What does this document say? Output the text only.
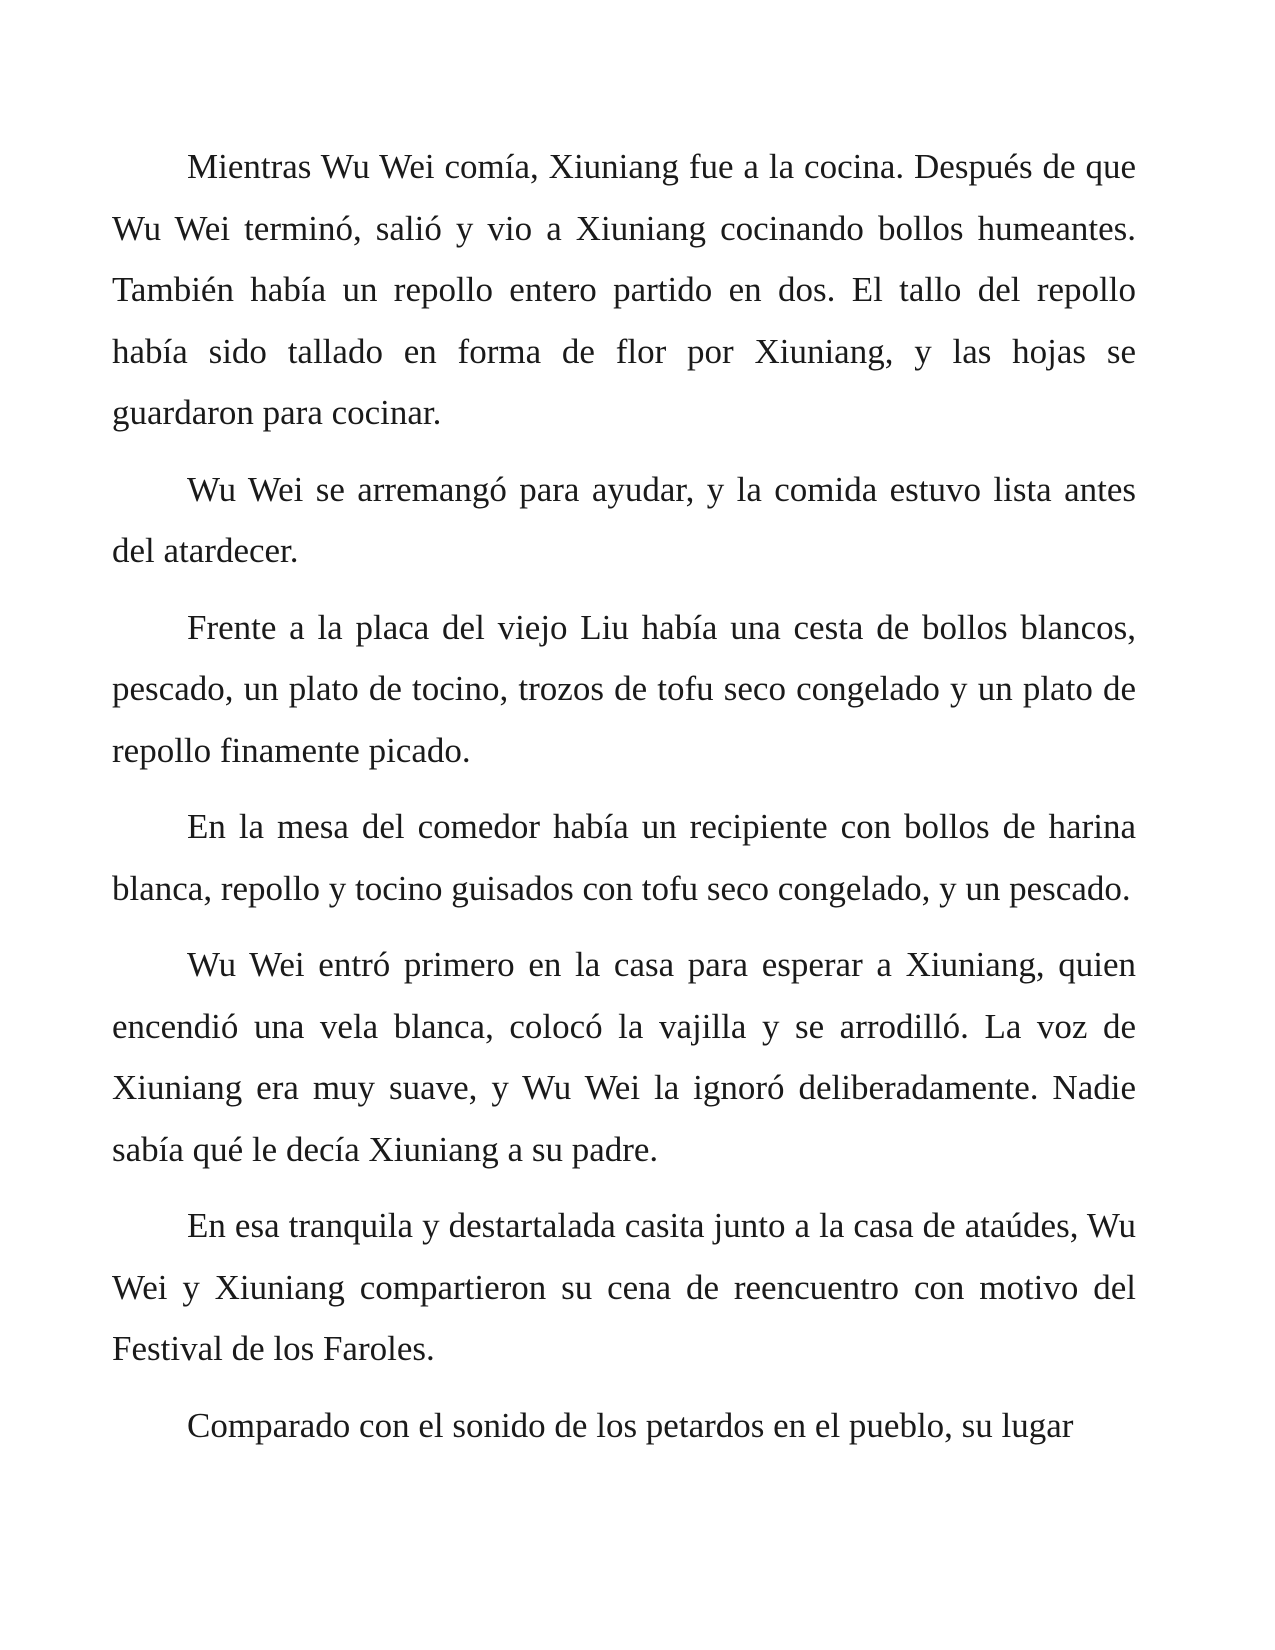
Mientras Wu Wei comía, Xiuniang fue a la cocina. Después de que Wu Wei terminó, salió y vio a Xiuniang cocinando bollos humeantes. También había un repollo entero partido en dos. El tallo del repollo había sido tallado en forma de flor por Xiuniang, y las hojas se guardaron para cocinar.

Wu Wei se arremangó para ayudar, y la comida estuvo lista antes del atardecer.

Frente a la placa del viejo Liu había una cesta de bollos blancos, pescado, un plato de tocino, trozos de tofu seco congelado y un plato de repollo finamente picado.

En la mesa del comedor había un recipiente con bollos de harina blanca, repollo y tocino guisados con tofu seco congelado, y un pescado.

Wu Wei entró primero en la casa para esperar a Xiuniang, quien encendió una vela blanca, colocó la vajilla y se arrodilló. La voz de Xiuniang era muy suave, y Wu Wei la ignoró deliberadamente. Nadie sabía qué le decía Xiuniang a su padre.

En esa tranquila y destartalada casita junto a la casa de ataúdes, Wu Wei y Xiuniang compartieron su cena de reencuentro con motivo del Festival de los Faroles.

Comparado con el sonido de los petardos en el pueblo, su lugar
